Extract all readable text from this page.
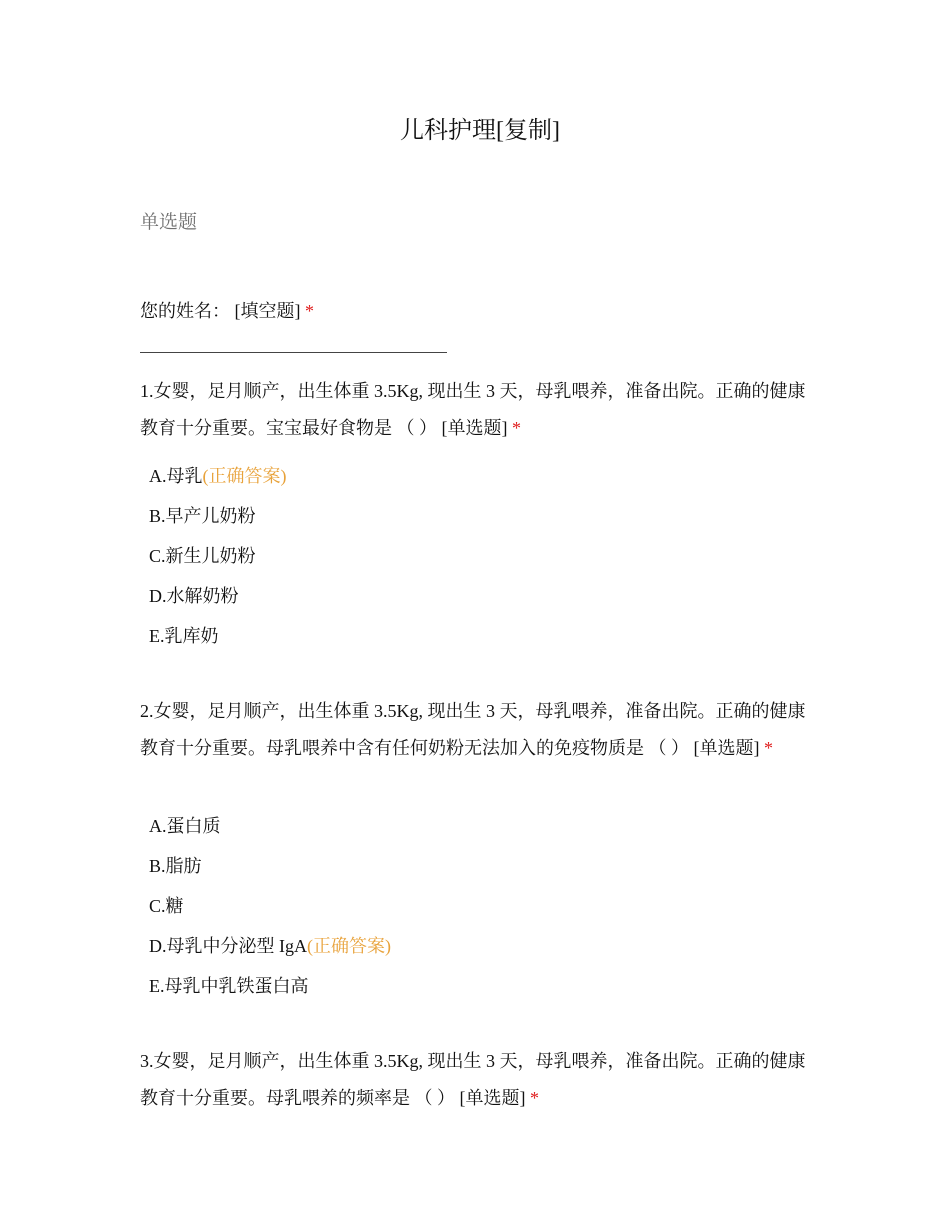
儿科护理[复制]
单选题
您的姓名： [填空题] *
1.女婴，足月顺产，出生体重 3.5Kg, 现出生 3 天，母乳喂养，准备出院。正确的健康教育十分重要。宝宝最好食物是 （ ） [单选题] *
A.母乳(正确答案)
B.早产儿奶粉
C.新生儿奶粉
D.水解奶粉
E.乳库奶
2.女婴，足月顺产，出生体重 3.5Kg, 现出生 3 天，母乳喂养，准备出院。正确的健康教育十分重要。母乳喂养中含有任何奶粉无法加入的免疫物质是 （ ） [单选题] *
A.蛋白质
B.脂肪
C.糖
D.母乳中分泌型 IgA(正确答案)
E.母乳中乳铁蛋白高
3.女婴，足月顺产，出生体重 3.5Kg, 现出生 3 天，母乳喂养，准备出院。正确的健康教育十分重要。母乳喂养的频率是 （ ） [单选题] *
